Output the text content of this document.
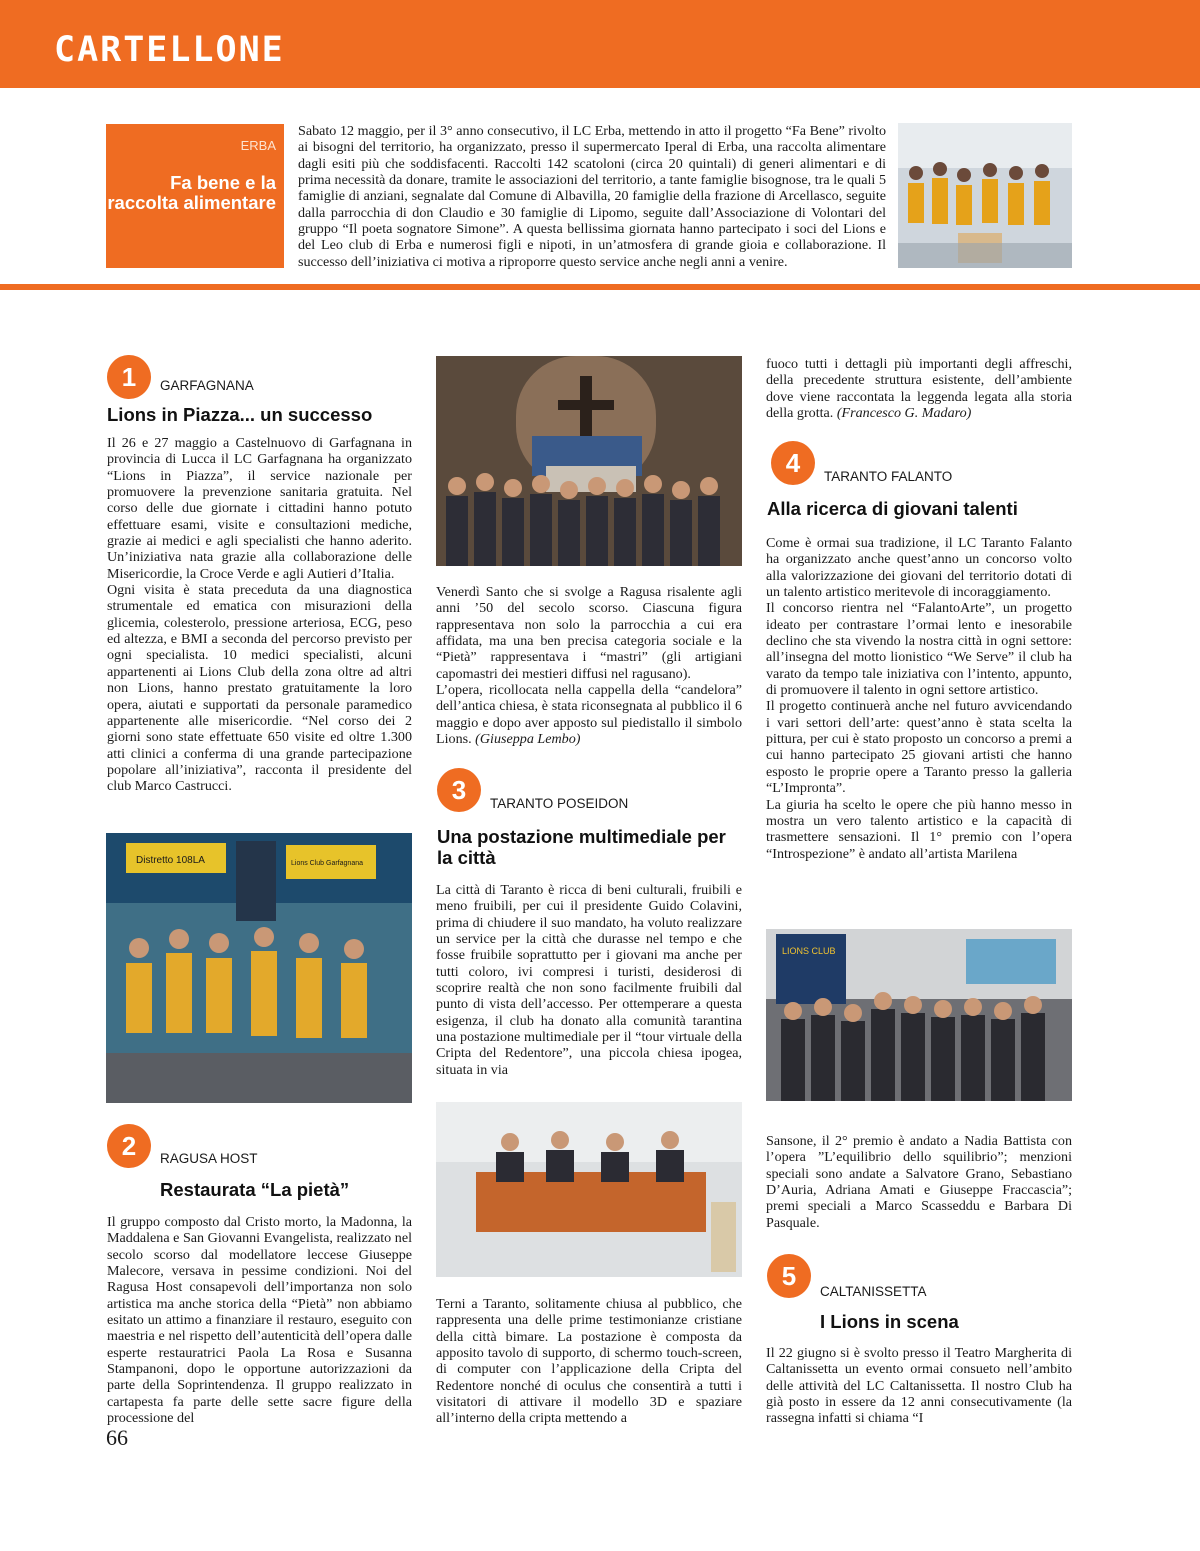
CARTELLONE
ERBA
Fa bene e la raccolta alimentare

Sabato 12 maggio, per il 3° anno consecutivo, il LC Erba, mettendo in atto il progetto “Fa Bene” rivolto ai bisogni del territorio, ha organizzato, presso il supermercato Iperal di Erba, una raccolta alimentare dagli esiti più che soddisfacenti. Raccolti 142 scatoloni (circa 20 quintali) di generi alimentari e di prima necessità da donare, tramite le associazioni del territorio, a tante famiglie bisognose, tra le quali 5 famiglie di anziani, segnalate dal Comune di Albavilla, 20 famiglie della frazione di Arcellasco, seguite dalla parrocchia di don Claudio e 30 famiglie di Lipomo, seguite dall’Associazione di Volontari del gruppo “Il poeta sognatore Simone”. A questa bellissima giornata hanno partecipato i soci del Lions e del Leo club di Erba e numerosi figli e nipoti, in un’atmosfera di grande gioia e collaborazione. Il successo dell’iniziativa ci motiva a riproporre questo service anche negli anni a venire.

1	GARFAGNANA
Lions in Piazza... un successo

Il 26 e 27 maggio a Castelnuovo di Garfagnana in provincia di Lucca il LC Garfagnana ha organizzato “Lions in Piazza”, il service nazionale per promuovere la prevenzione sanitaria gratuita. Nel corso delle due giornate i cittadini hanno potuto effettuare esami, visite e consultazioni mediche, grazie ai medici e agli specialisti che hanno aderito. Un’iniziativa nata grazie alla collaborazione delle Misericordie, la Croce Verde e agli Autieri d’Italia.

Ogni visita è stata preceduta da una diagnostica strumentale ed ematica con misurazioni della glicemia, colesterolo, pressione arteriosa, ECG, peso ed altezza, e BMI a seconda del percorso previsto per ogni specialista. 10 medici specialisti, alcuni appartenenti ai Lions Club della zona oltre ad altri non Lions, hanno prestato gratuitamente la loro opera, aiutati e supportati da personale paramedico appartenente alle misericordie. “Nel corso dei 2 giorni sono state effettuate 650 visite ed oltre 1.300 atti clinici a conferma di una grande partecipazione popolare all’iniziativa”, racconta il presidente del club Marco Castrucci.

Distretto 108LA	Lions Club Garfagnana
2	RAGUSA HOST
Restaurata “La pietà”

Il gruppo composto dal Cristo morto, la Madonna, la Maddalena e San Giovanni Evangelista, realizzato nel secolo scorso dal modellatore leccese Giuseppe Malecore, versava in pessime condizioni. Noi del Ragusa Host consapevoli dell’importanza non solo artistica ma anche storica della “Pietà” non abbiamo esitato un attimo a finanziare il restauro, eseguito con maestria e nel rispetto dell’autenticità dell’opera dalle esperte restauratrici Paola La Rosa e Susanna Stampanoni, dopo le opportune autorizzazioni da parte della Soprintendenza. Il gruppo realizzato in cartapesta fa parte delle sette sacre figure della processione del

66

Venerdì Santo che si svolge a Ragusa risalente agli anni ’50 del secolo scorso. Ciascuna figura rappresentava non solo la parrocchia a cui era affidata, ma una ben precisa categoria sociale e la “Pietà” rappresentava i “mastri” (gli artigiani capomastri dei mestieri diffusi nel ragusano).

L’opera, ricollocata nella cappella della “candelora” dell’antica chiesa, è stata riconsegnata al pubblico il 6 maggio e dopo aver apposto sul piedistallo il simbolo Lions. (Giuseppa Lembo)

3	TARANTO POSEIDON
Una postazione multimediale per la città

La città di Taranto è ricca di beni culturali, fruibili e meno fruibili, per cui il presidente Guido Colavini, prima di chiudere il suo mandato, ha voluto realizzare un service per la città che durasse nel tempo e che fosse fruibile soprattutto per i giovani ma anche per tutti coloro, ivi compresi i turisti, desiderosi di scoprire realtà che non sono facilmente fruibili dal punto di vista dell’accesso. Per ottemperare a questa esigenza, il club ha donato alla comunità tarantina una postazione multimediale per il “tour virtuale della Cripta del Redentore”, una piccola chiesa ipogea, situata in via

Terni a Taranto, solitamente chiusa al pubblico, che rappresenta una delle prime testimonianze cristiane della città bimare. La postazione è composta da apposito tavolo di supporto, di schermo touch-screen, di computer con l’applicazione della Cripta del Redentore nonché di oculus che consentirà a tutti i visitatori di attivare il modello 3D e spaziare all’interno della cripta mettendo a

fuoco tutti i dettagli più importanti degli affreschi, della precedente struttura esistente, dell’ambiente dove viene raccontata la leggenda legata alla storia della grotta. (Francesco G. Madaro)

4	TARANTO FALANTO
Alla ricerca di giovani talenti

Come è ormai sua tradizione, il LC Taranto Falanto ha organizzato anche quest’anno un concorso volto alla valorizzazione dei giovani del territorio dotati di un talento artistico meritevole di incoraggiamento.

Il concorso rientra nel “FalantoArte”, un progetto ideato per contrastare l’ormai lento e inesorabile declino che sta vivendo la nostra città in ogni settore: all’insegna del motto lionistico “We Serve” il club ha varato da tempo tale iniziativa con l’intento, appunto, di promuovere il talento in ogni settore artistico.

Il progetto continuerà anche nel futuro avvicendando i vari settori dell’arte: quest’anno è stata scelta la pittura, per cui è stato proposto un concorso a premi a cui hanno partecipato 25 giovani artisti che hanno esposto le proprie opere a Taranto presso la galleria “L’Impronta”.

La giuria ha scelto le opere che più hanno messo in mostra un vero talento artistico e la capacità di trasmettere sensazioni. Il 1° premio con l’opera “Introspezione” è andato all’artista Marilena

LIONS CLUB

Sansone, il 2° premio è andato a Nadia Battista con l’opera ”L’equilibrio dello squilibrio”; menzioni speciali sono andate a Salvatore Grano, Sebastiano D’Auria, Adriana Amati e Giuseppe Fraccascia”; premi speciali a Marco Scasseddu e Barbara Di Pasquale.

5
CALTANISSETTA
I Lions in scena

Il 22 giugno si è svolto presso il Teatro Margherita di Caltanissetta un evento ormai consueto nell’ambito delle attività del LC Caltanissetta. Il nostro Club ha già posto in essere da 12 anni consecutivamente (la rassegna infatti si chiama “I
